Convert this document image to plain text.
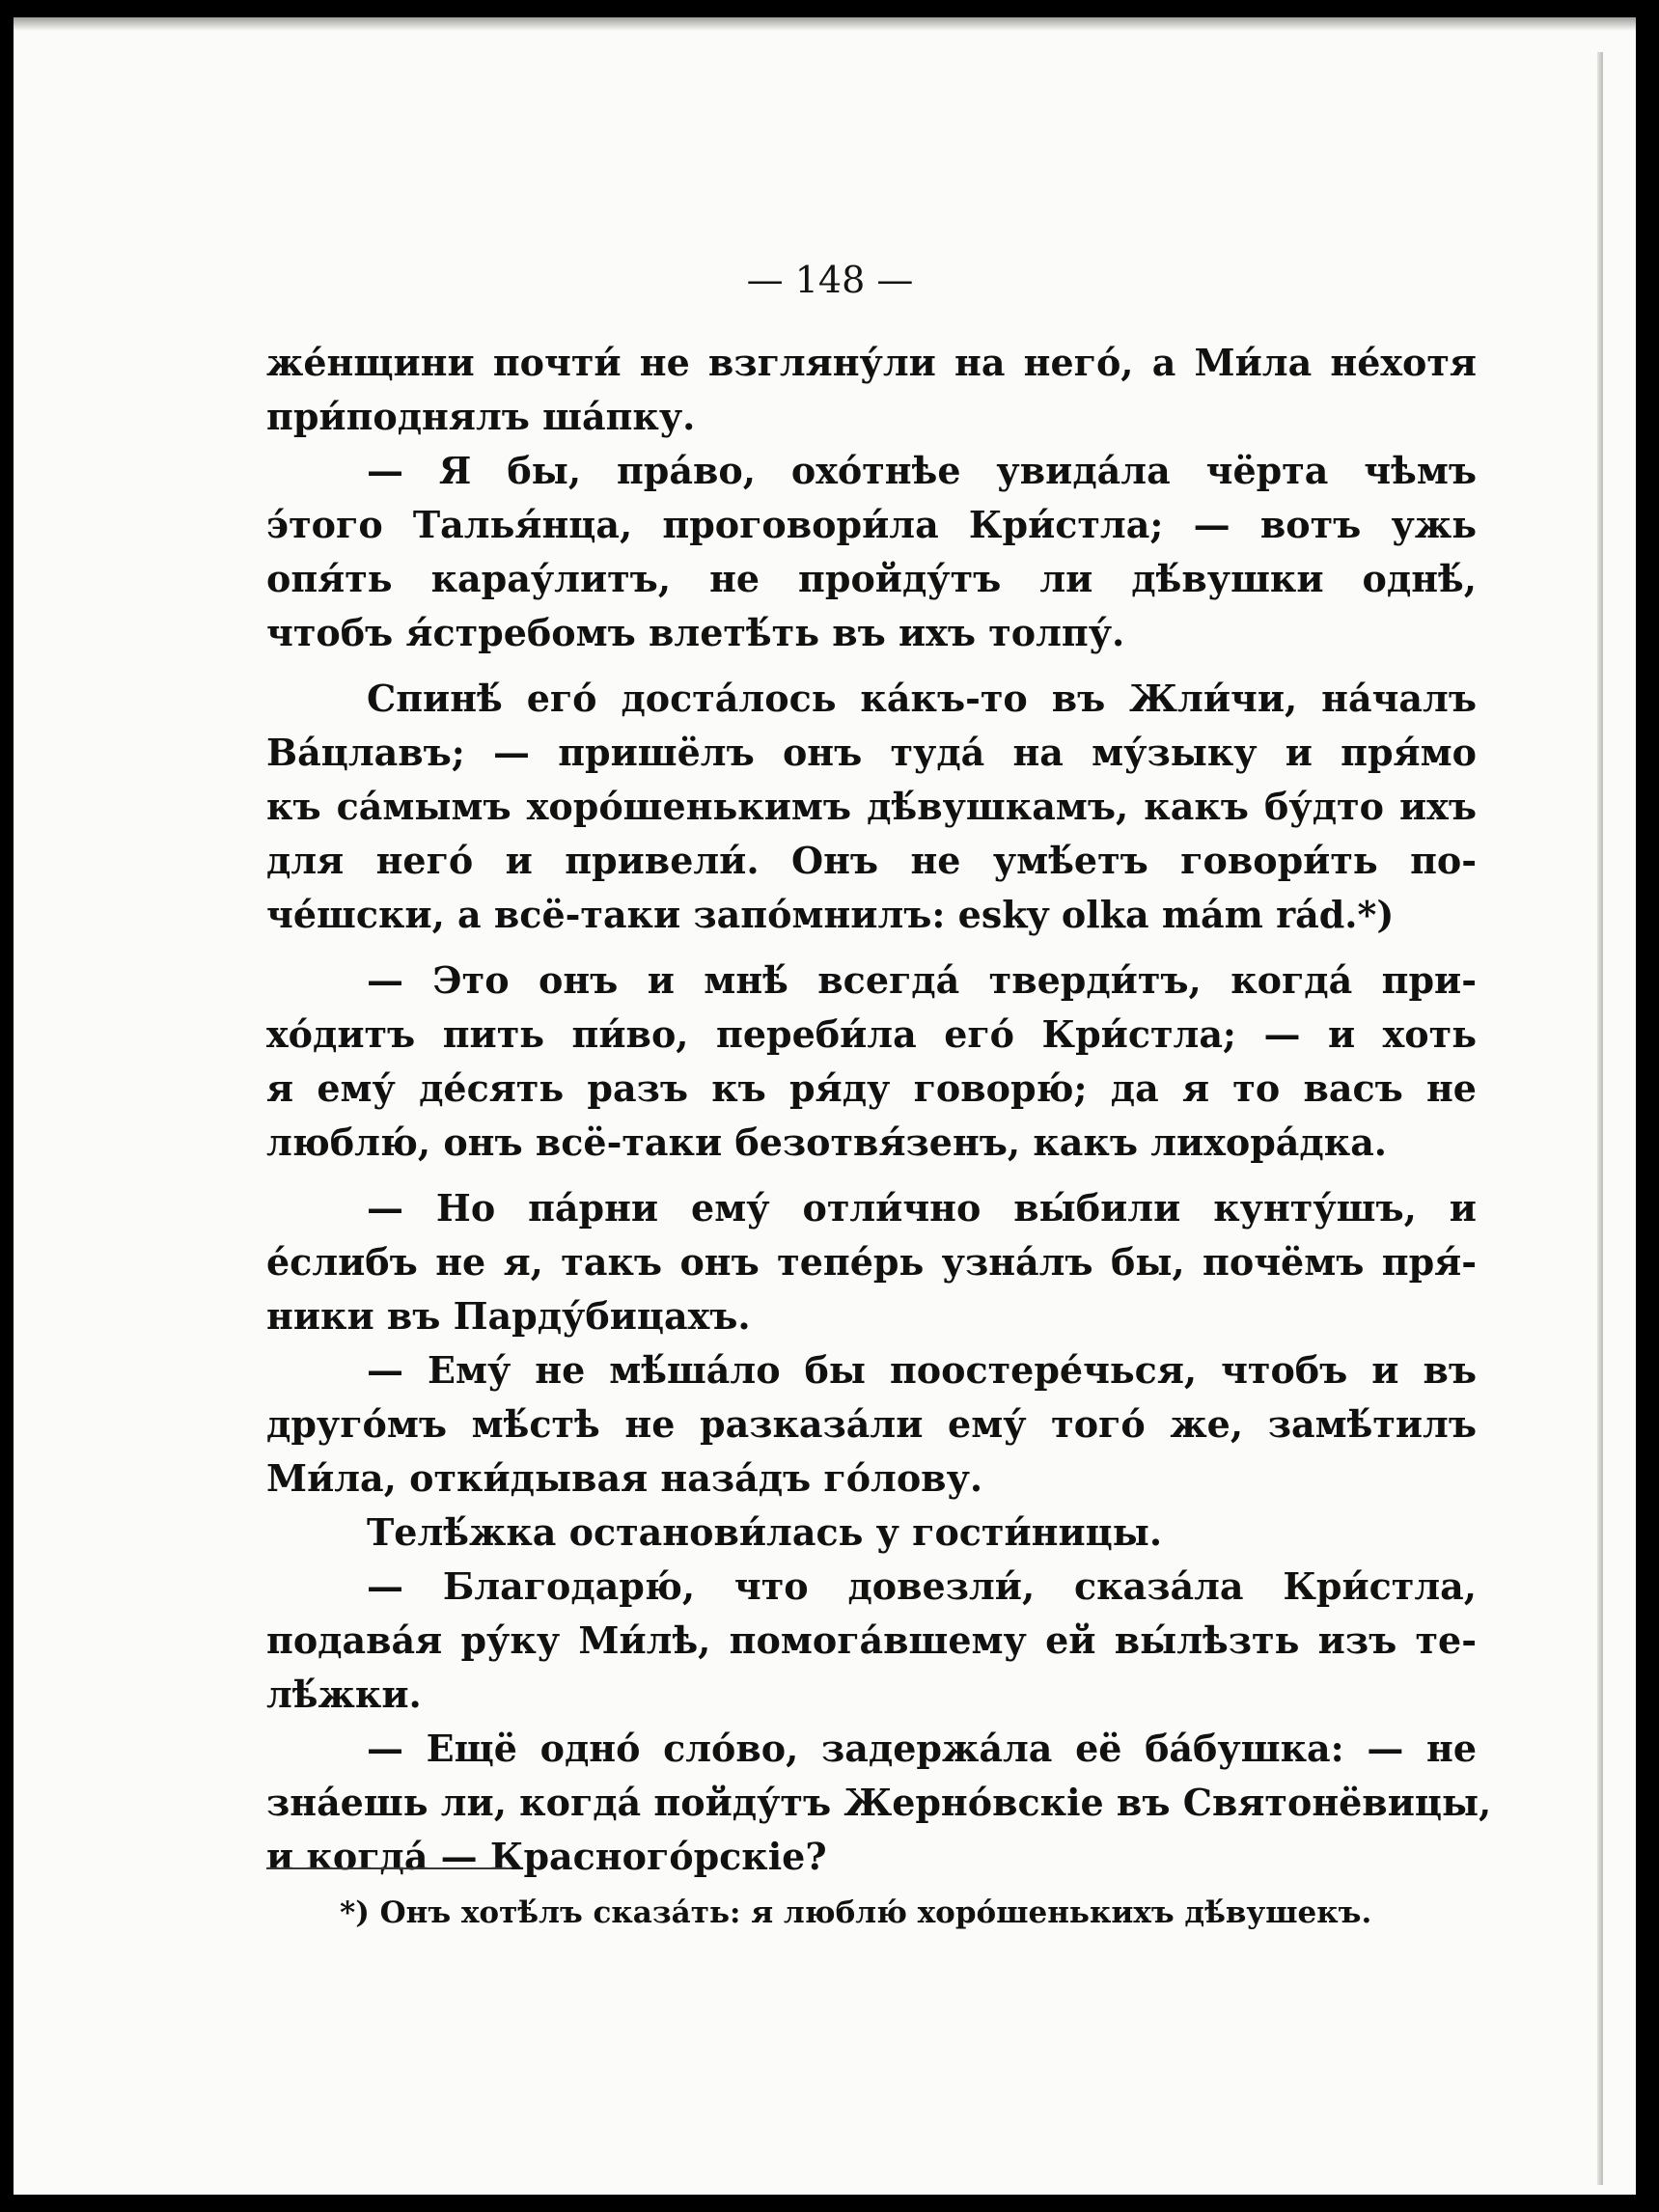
— 148 —
же́нщини почти́ не взгляну́ли на него́, а Ми́ла не́хотя
при́поднялъ ша́пку.
— Я бы, пра́во, охо́тнѣе увида́ла чёрта чѣмъ
э́того Талья́нца, проговори́ла Кри́стла; — вотъ ужь
опя́ть карау́литъ, не пройду́тъ ли дѣ́вушки однѣ́,
чтобъ я́стребомъ влетѣ́ть въ ихъ толпу́.
Спинѣ́ его́ доста́лось ка́къ-то въ Жли́чи, на́чалъ
Ва́цлавъ; — пришёлъ онъ туда́ на му́зыку и пря́мо
къ са́мымъ хоро́шенькимъ дѣ́вушкамъ, какъ бу́дто ихъ
для него́ и привели́. Онъ не умѣ́етъ говори́ть по-
че́шски, а всё-таки запо́мнилъ: esky olka mám rád.*)
— Это онъ и мнѣ́ всегда́ тверди́тъ, когда́ при-
хо́дитъ пить пи́во, переби́ла его́ Кри́стла; — и хоть
я ему́ де́сять разъ къ ря́ду говорю́; да я то васъ не
люблю́, онъ всё-таки безотвя́зенъ, какъ лихора́дка.
— Но па́рни ему́ отли́чно вы́били кунту́шъ, и
е́слибъ не я, такъ онъ тепе́рь узна́лъ бы, почёмъ пря́-
ники въ Парду́бицахъ.
— Ему́ не мѣ́ша́ло бы поостере́чься, чтобъ и въ
друго́мъ мѣ́стѣ не разказа́ли ему́ того́ же, замѣ́тилъ
Ми́ла, отки́дывая наза́дъ го́лову.
Телѣ́жка останови́лась у гости́ницы.
— Благодарю́, что довезли́, сказа́ла Кри́стла,
подава́я ру́ку Ми́лѣ, помога́вшему ей вы́лѣзть изъ те-
лѣ́жки.
— Ещё одно́ сло́во, задержа́ла её ба́бушка: — не
зна́ешь ли, когда́ пойду́тъ Жерно́вскіе въ Святонёвицы,
и когда́ — Красного́рскіе?
*) Онъ хотѣ́лъ сказа́ть: я люблю́ хоро́шенькихъ дѣ́вушекъ.
